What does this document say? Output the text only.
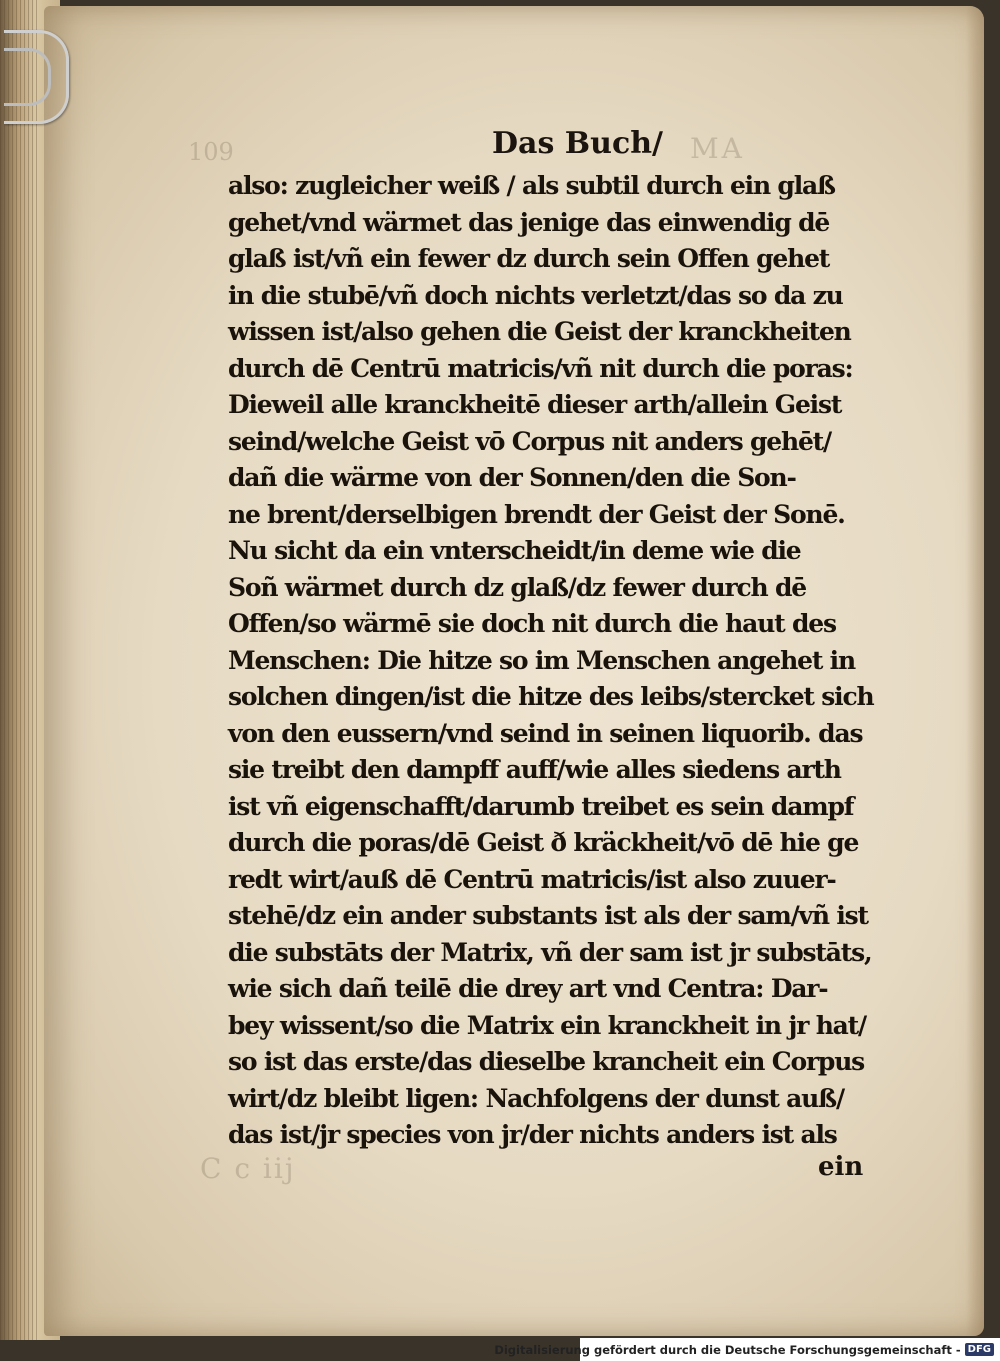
109	MA
C c iij
Das Buch/
also: zugleicher weiß / als subtil durch ein glaß
gehet/vnd wärmet das jenige das einwendig dē
glaß ist/vñ ein fewer dz durch sein Offen gehet
in die stubē/vñ doch nichts verletzt/das so da zu
wissen ist/also gehen die Geist der kranckheiten
durch dē Centrū matricis/vñ nit durch die poras:
Dieweil alle kranckheitē dieser arth/allein Geist
seind/welche Geist vō Corpus nit anders gehēt/
dañ die wärme von der Sonnen/den die Son-
ne brent/derselbigen brendt der Geist der Sonē.
Nu sicht da ein vnterscheidt/in deme wie die
Soñ wärmet durch dz glaß/dz fewer durch dē
Offen/so wärmē sie doch nit durch die haut des
Menschen: Die hitze so im Menschen angehet in
solchen dingen/ist die hitze des leibs/stercket sich
von den eussern/vnd seind in seinen liquorib. das
sie treibt den dampff auff/wie alles siedens arth
ist vñ eigenschafft/darumb treibet es sein dampf
durch die poras/dē Geist ð kräckheit/vō dē hie ge
redt wirt/auß dē Centrū matricis/ist also zuuer-
stehē/dz ein ander substants ist als der sam/vñ ist
die substāts der Matrix, vñ der sam ist jr substāts,
wie sich dañ teilē die drey art vnd Centra: Dar-
bey wissent/so die Matrix ein kranckheit in jr hat/
so ist das erste/das dieselbe krancheit ein Corpus
wirt/dz bleibt ligen: Nachfolgens der dunst auß/
das ist/jr species von jr/der nichts anders ist als
ein
Digitalisierung gefördert durch die Deutsche Forschungsgemeinschaft - DFG
